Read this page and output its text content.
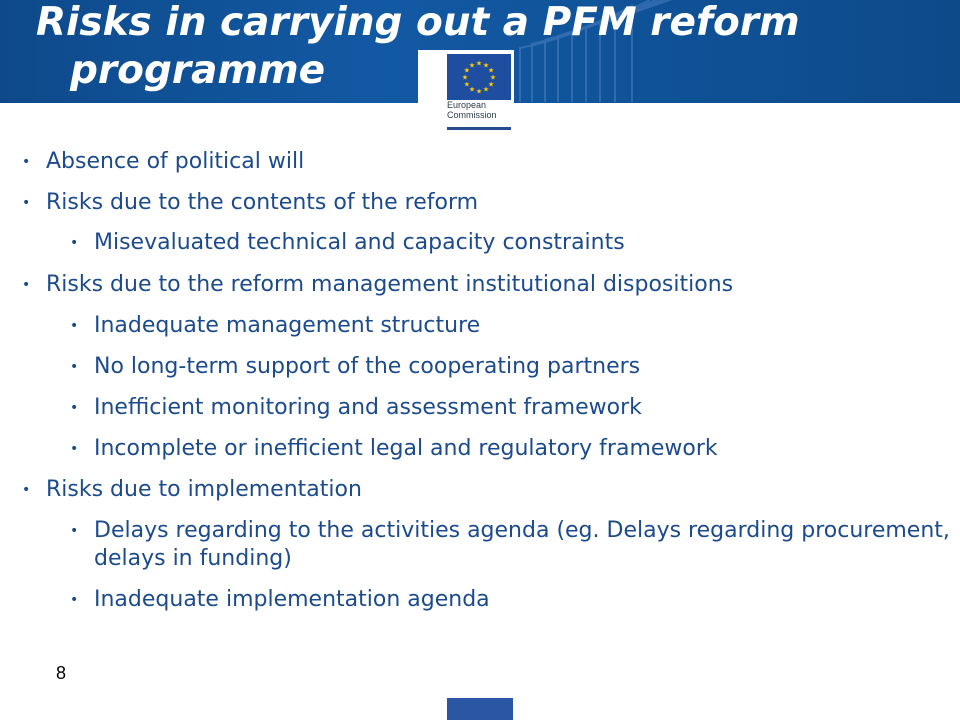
Risks in carrying out a PFM reform
programme	★ ★
★
★
★
★
★
★
★
★
★
★
European
Commission
• Absence of political will
• Risks due to the contents of the reform
• Misevaluated technical and capacity constraints
• Risks due to the reform management institutional dispositions
• Inadequate management structure
• No long-term support of the cooperating partners
• Inefficient monitoring and assessment framework
• Incomplete or inefficient legal and regulatory framework
• Risks due to implementation
• Delays regarding to the activities agenda (eg. Delays regarding procurement, delays in funding)
• Inadequate implementation agenda
8
